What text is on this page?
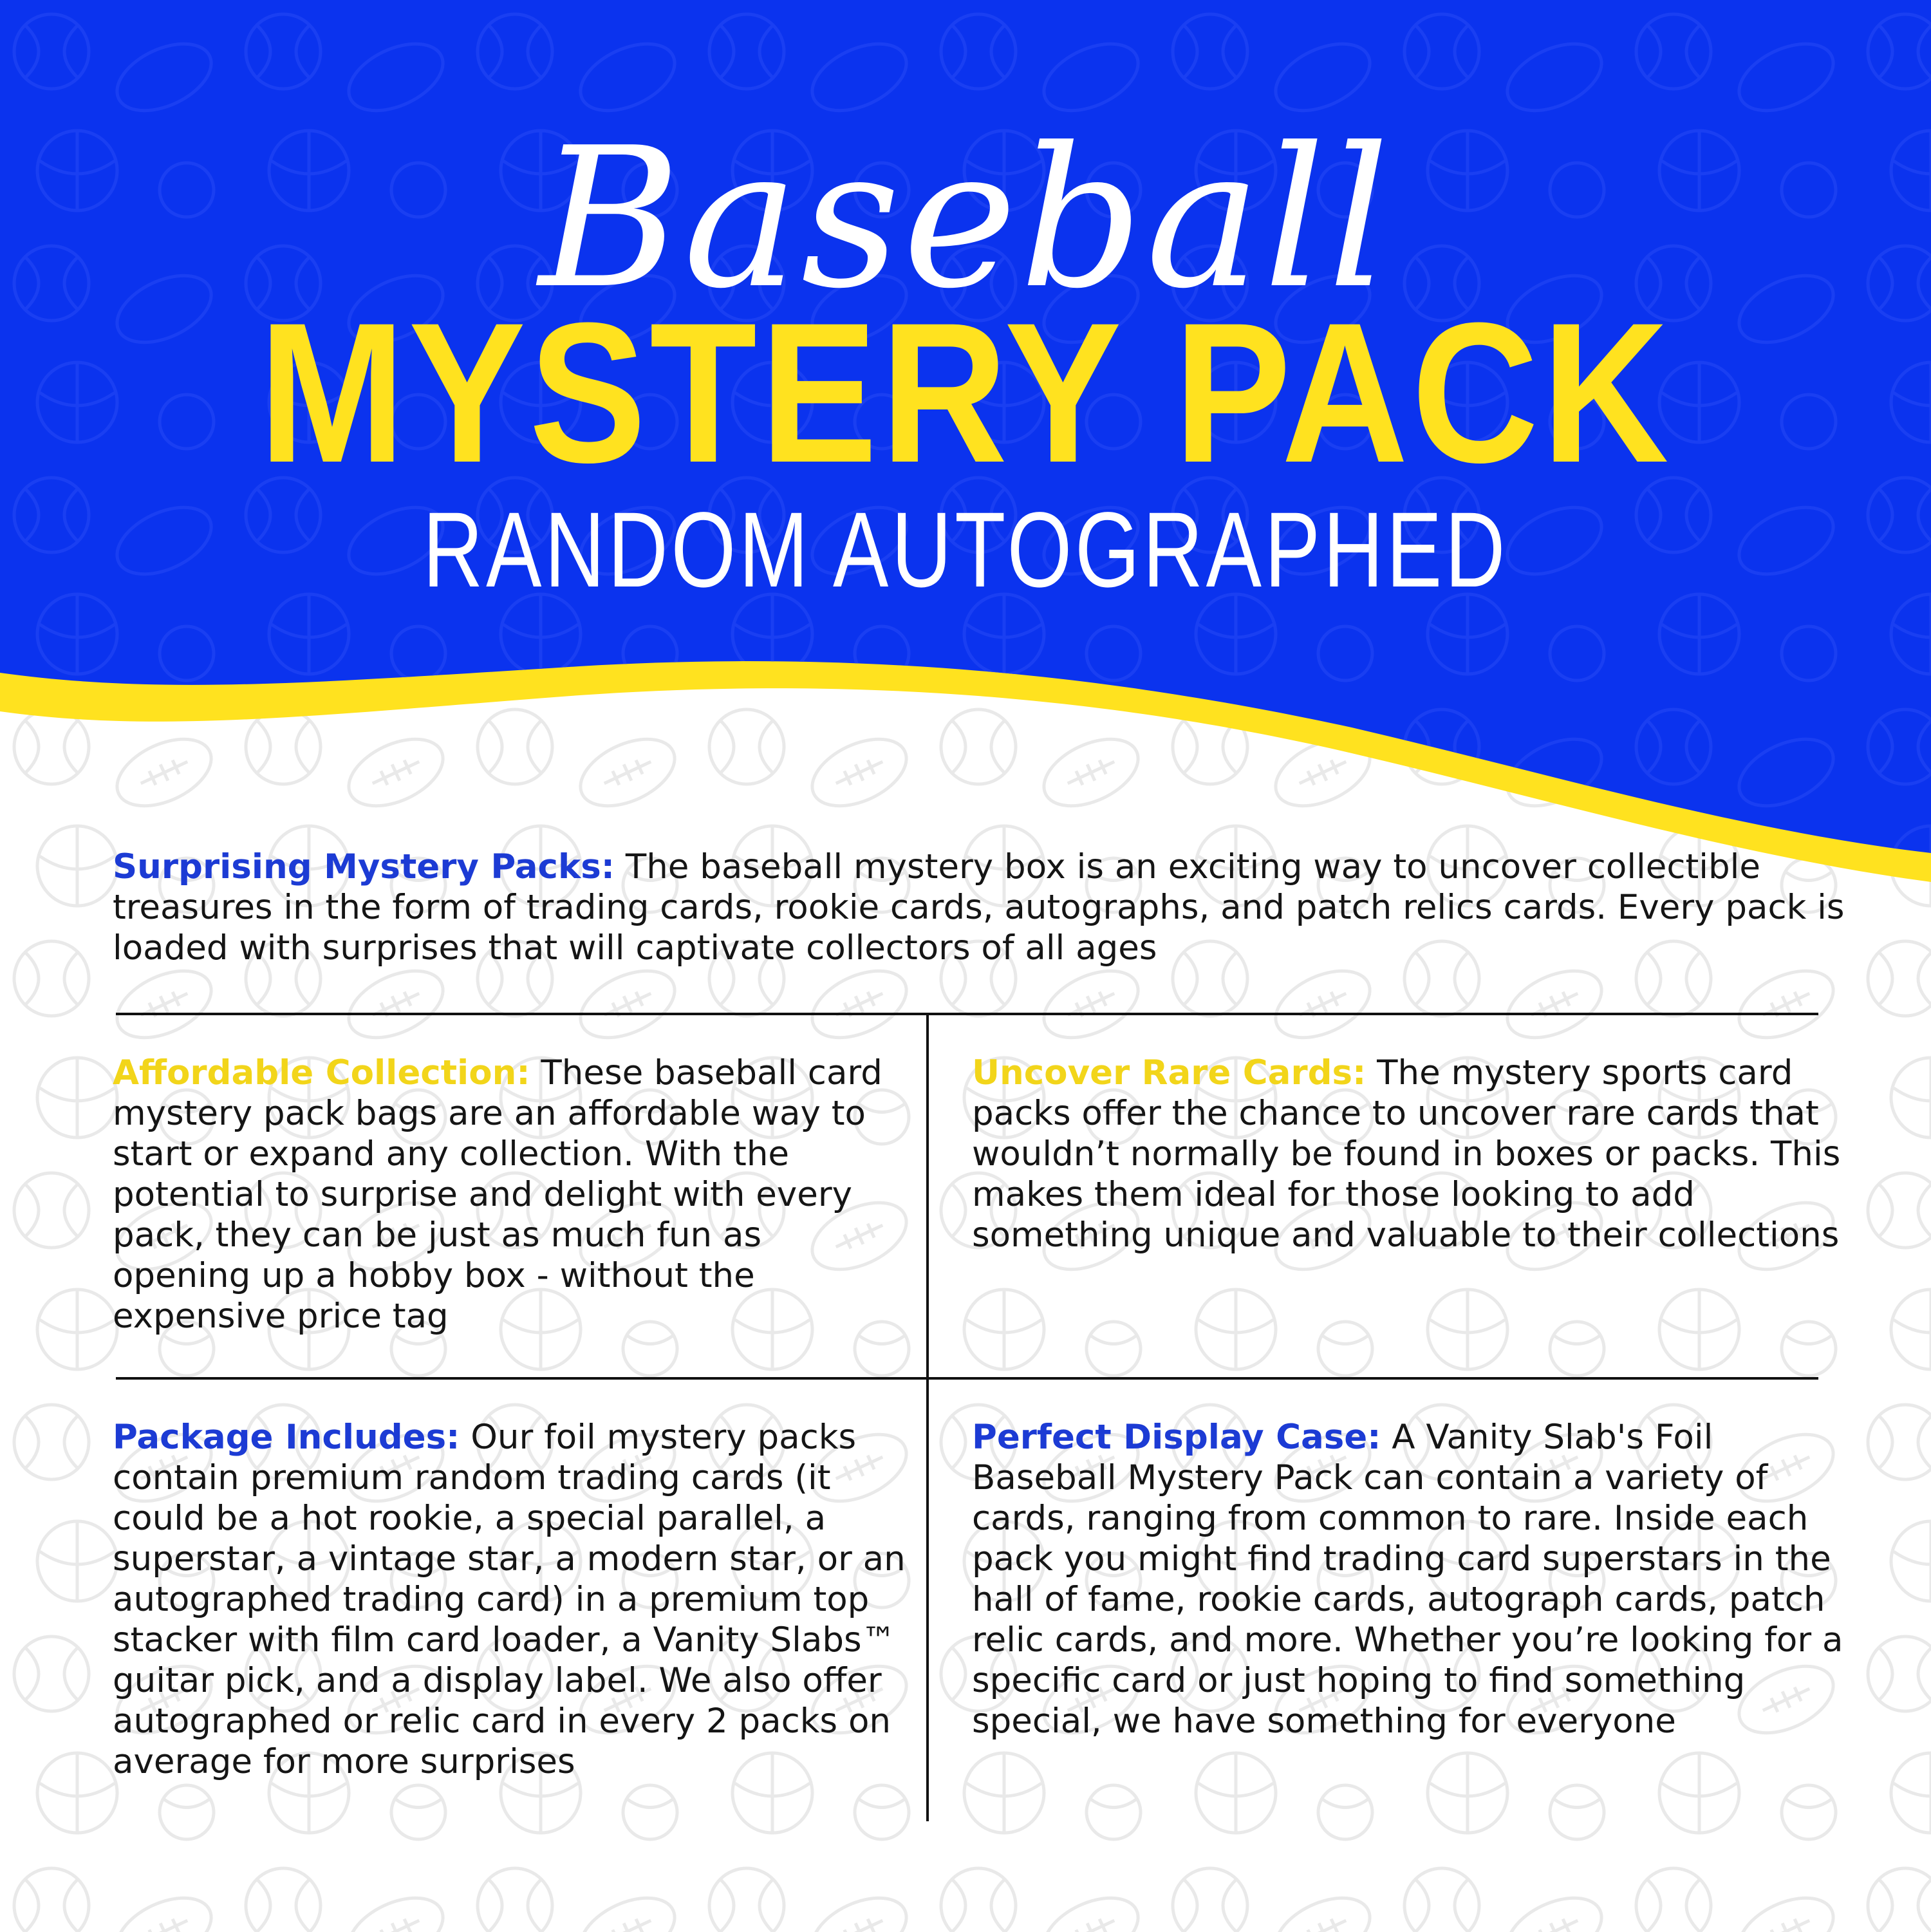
Baseball
MYSTERY PACK
RANDOM AUTOGRAPHED

Surprising Mystery Packs: The baseball mystery box is an exciting way to uncover collectible treasures in the form of trading cards, rookie cards, autographs, and patch relics cards. Every pack is loaded with surprises that will captivate collectors of all ages

Affordable Collection: These baseball card mystery pack bags are an affordable way to start or expand any collection. With the potential to surprise and delight with every pack, they can be just as much fun as opening up a hobby box - without the expensive price tag

Uncover Rare Cards: The mystery sports card packs offer the chance to uncover rare cards that wouldn’t normally be found in boxes or packs. This makes them ideal for those looking to add something unique and valuable to their collections

Package Includes: Our foil mystery packs contain premium random trading cards (it could be a hot rookie, a special parallel, a superstar, a vintage star, a modern star, or an autographed trading card) in a premium top stacker with film card loader, a Vanity Slabs™ guitar pick, and a display label. We also offer autographed or relic card in every 2 packs on average for more surprises

Perfect Display Case: A Vanity Slab's Foil Baseball Mystery Pack can contain a variety of cards, ranging from common to rare. Inside each pack you might find trading card superstars in the hall of fame, rookie cards, autograph cards, patch relic cards, and more. Whether you’re looking for a specific card or just hoping to find something special, we have something for everyone
